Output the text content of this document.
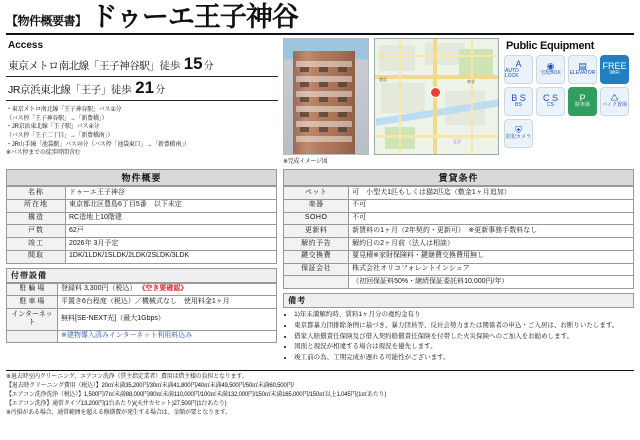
【物件概要書】 ドゥーエ王子神谷
Access
東京メトロ南北線「王子神谷駅」徒歩 15 分
JR京浜東北線「王子」徒歩 21 分
・東京メトロ南北線「王子神谷駅」バス②分
（バス停「王子神谷駅」→「新豊橋」）
・JR京浜東北線「王子駅」バス④分
（バス停「王子二丁目」→「新豊橋南」）
・JR山手線「池袋駅」バス⑳分（バス停「池袋東口」→「新豊橋南」）
※バス停までの徒歩時間含む
※完成イメージ図
豊島
王子
神谷
Public Equipment
A
AUTO LOCK
◉
宅配BOX
▤
ELEVATOR
FREE
WiFi
B S
BS
C S
CS
P
駐車場
♺
バイク置場
⛨
防犯カメラ
物件概要
名称	ドゥーエ王子神谷
所在地	東京都北区豊島6丁目5番　以下未定
構造	RC造地上10階建
戸数	62戸
竣工	2026年 3月予定
間取	1DK/1LDK/1SLDK/2LDK/2SLDK/3LDK
付帯設備
駐 輪 場	登録料 3,300円（税込） 《空き要確認》
駐 車 場	平置き6台程度（税込）／機械式なし　使用料金1ヶ月
インターネット	無料[SE-NEXT光]（最大1Gbps）
	※建物導入済みインターネット利用料込み
賃貸条件
ペット	可　小型犬1匹もしくは猫2匹迄（敷金1ヶ月追加）
楽器	不可
SOHO	不可
更新料	新賃料の1ヶ月（2年契約・更新可）　※更新事務手数料なし
解約予告	解約日の2ヶ月前（法人は相談）
鍵交換費	要見積※家財保険料・鍵継費交換費用無し
保証会社	株式会社オリコフォレントインシュア
	（初回保証料50%・継続保証委託料10,000円/年）
備考
• 1)年未満解約時、賃料1ヶ月分の違約金有り
• 東京都暴力団排除条例に基づき、暴力団員等、反社会勢力または関係者の申込・ご入居は、お断りいたします。
• 借家人賠償責任保険及び借入契約賠償責任保険を付帯した火災保険へのご加入をお勧めします。
• 図面と現況が相違する場合は現況を優先します。
• 竣工前の為、工期完成が遅れる可能性がございます。
※退去時室内クリーニング、エアコン洗浄（賃主指定業者）費用は借主様の負担となります。
【退去時クリーニング費用（税込）】20㎡未満35,200円/30㎡未満41,800円/40㎡未満49,500円/50㎡未満60,500円/
【エアコン洗浄洗浄（税込）】1,500円/7㎡未満88,000円/80㎡未満110,000円/100㎡未満132,000円/150㎡未満165,000円/150㎡以上1,045円(1㎡あたり)
【エアコン洗浄】通常タイプ13,200円(1台あたり)/(天井カセット)27,500円(1台あたり)
※汚損がある場合、通常範囲を超える修繕費が発生する場合は、金額が要となります。
